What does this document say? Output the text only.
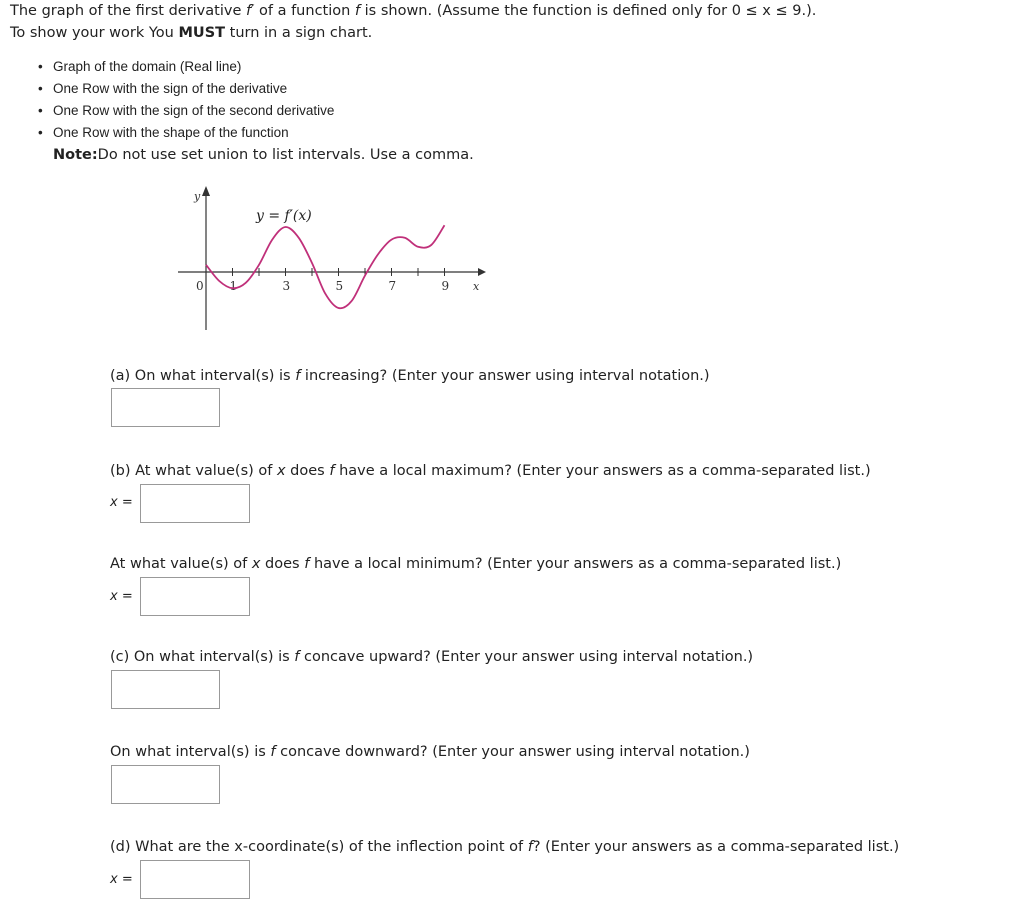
The graph of the first derivative f′ of a function f is shown. (Assume the function is defined only for 0 ≤ x ≤ 9.).
To show your work You MUST turn in a sign chart.
• Graph of the domain (Real line)
• One Row with the sign of the derivative
• One Row with the sign of the second derivative
• One Row with the shape of the function
Note:Do not use set union to list intervals. Use a comma.
y
x
0
y = f′(x)
1	3	5	7	9
(a) On what interval(s) is f increasing? (Enter your answer using interval notation.)
(b) At what value(s) of x does f have a local maximum? (Enter your answers as a comma-separated list.)
x =
At what value(s) of x does f have a local minimum? (Enter your answers as a comma-separated list.)
x =
(c) On what interval(s) is f concave upward? (Enter your answer using interval notation.)
On what interval(s) is f concave downward? (Enter your answer using interval notation.)
(d) What are the x-coordinate(s) of the inflection point of f? (Enter your answers as a comma-separated list.)
x =
